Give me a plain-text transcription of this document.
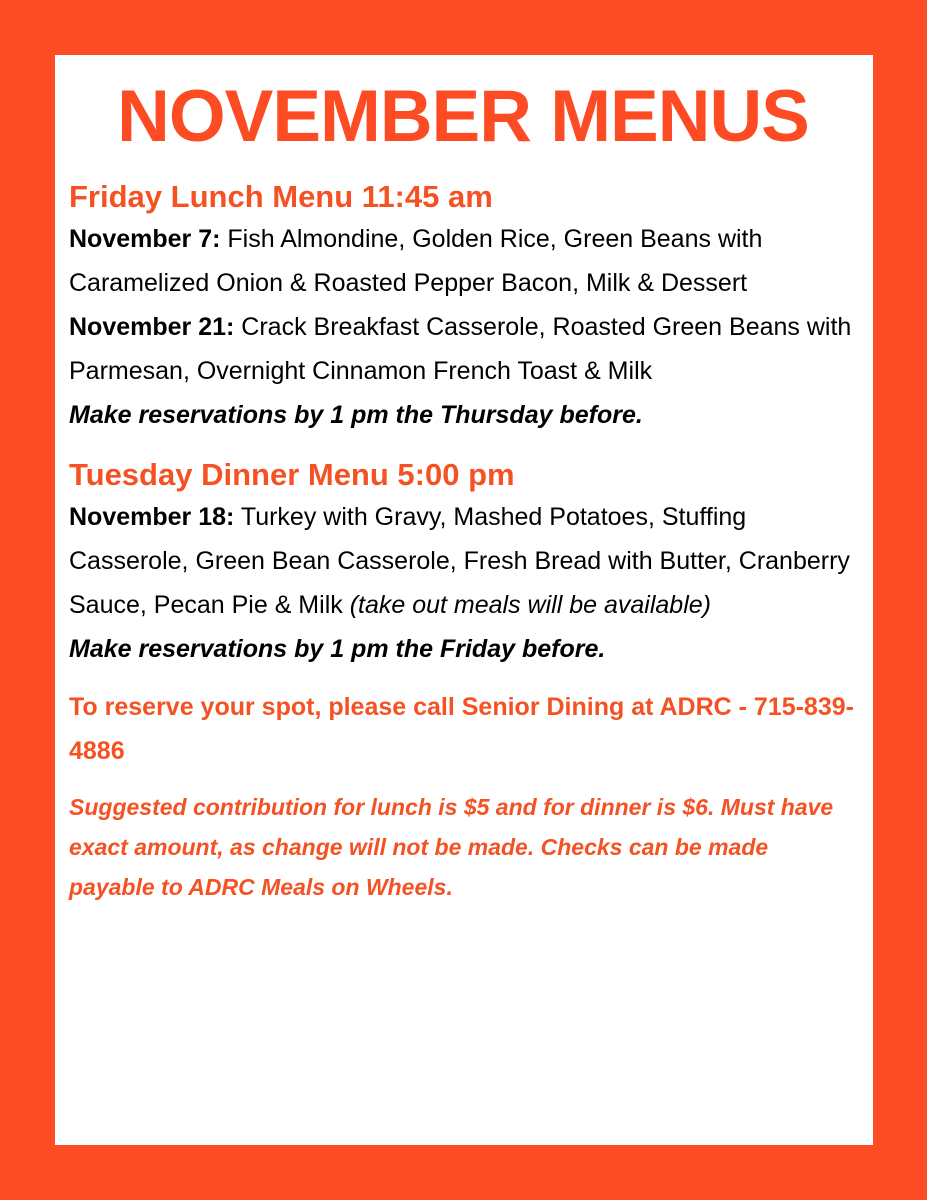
NOVEMBER MENUS
Friday Lunch Menu 11:45 am

November 7: Fish Almondine, Golden Rice, Green Beans with Caramelized Onion & Roasted Pepper Bacon, Milk & Dessert

November 21: Crack Breakfast Casserole, Roasted Green Beans with Parmesan, Overnight Cinnamon French Toast & Milk

Make reservations by 1 pm the Thursday before.

Tuesday Dinner Menu 5:00 pm

November 18: Turkey with Gravy, Mashed Potatoes, Stuffing Casserole, Green Bean Casserole, Fresh Bread with Butter, Cranberry Sauce, Pecan Pie & Milk (take out meals will be available)

Make reservations by 1 pm the Friday before.

To reserve your spot, please call Senior Dining at ADRC - 715-839-4886

Suggested contribution for lunch is $5 and for dinner is $6. Must have exact amount, as change will not be made. Checks can be made payable to ADRC Meals on Wheels.
